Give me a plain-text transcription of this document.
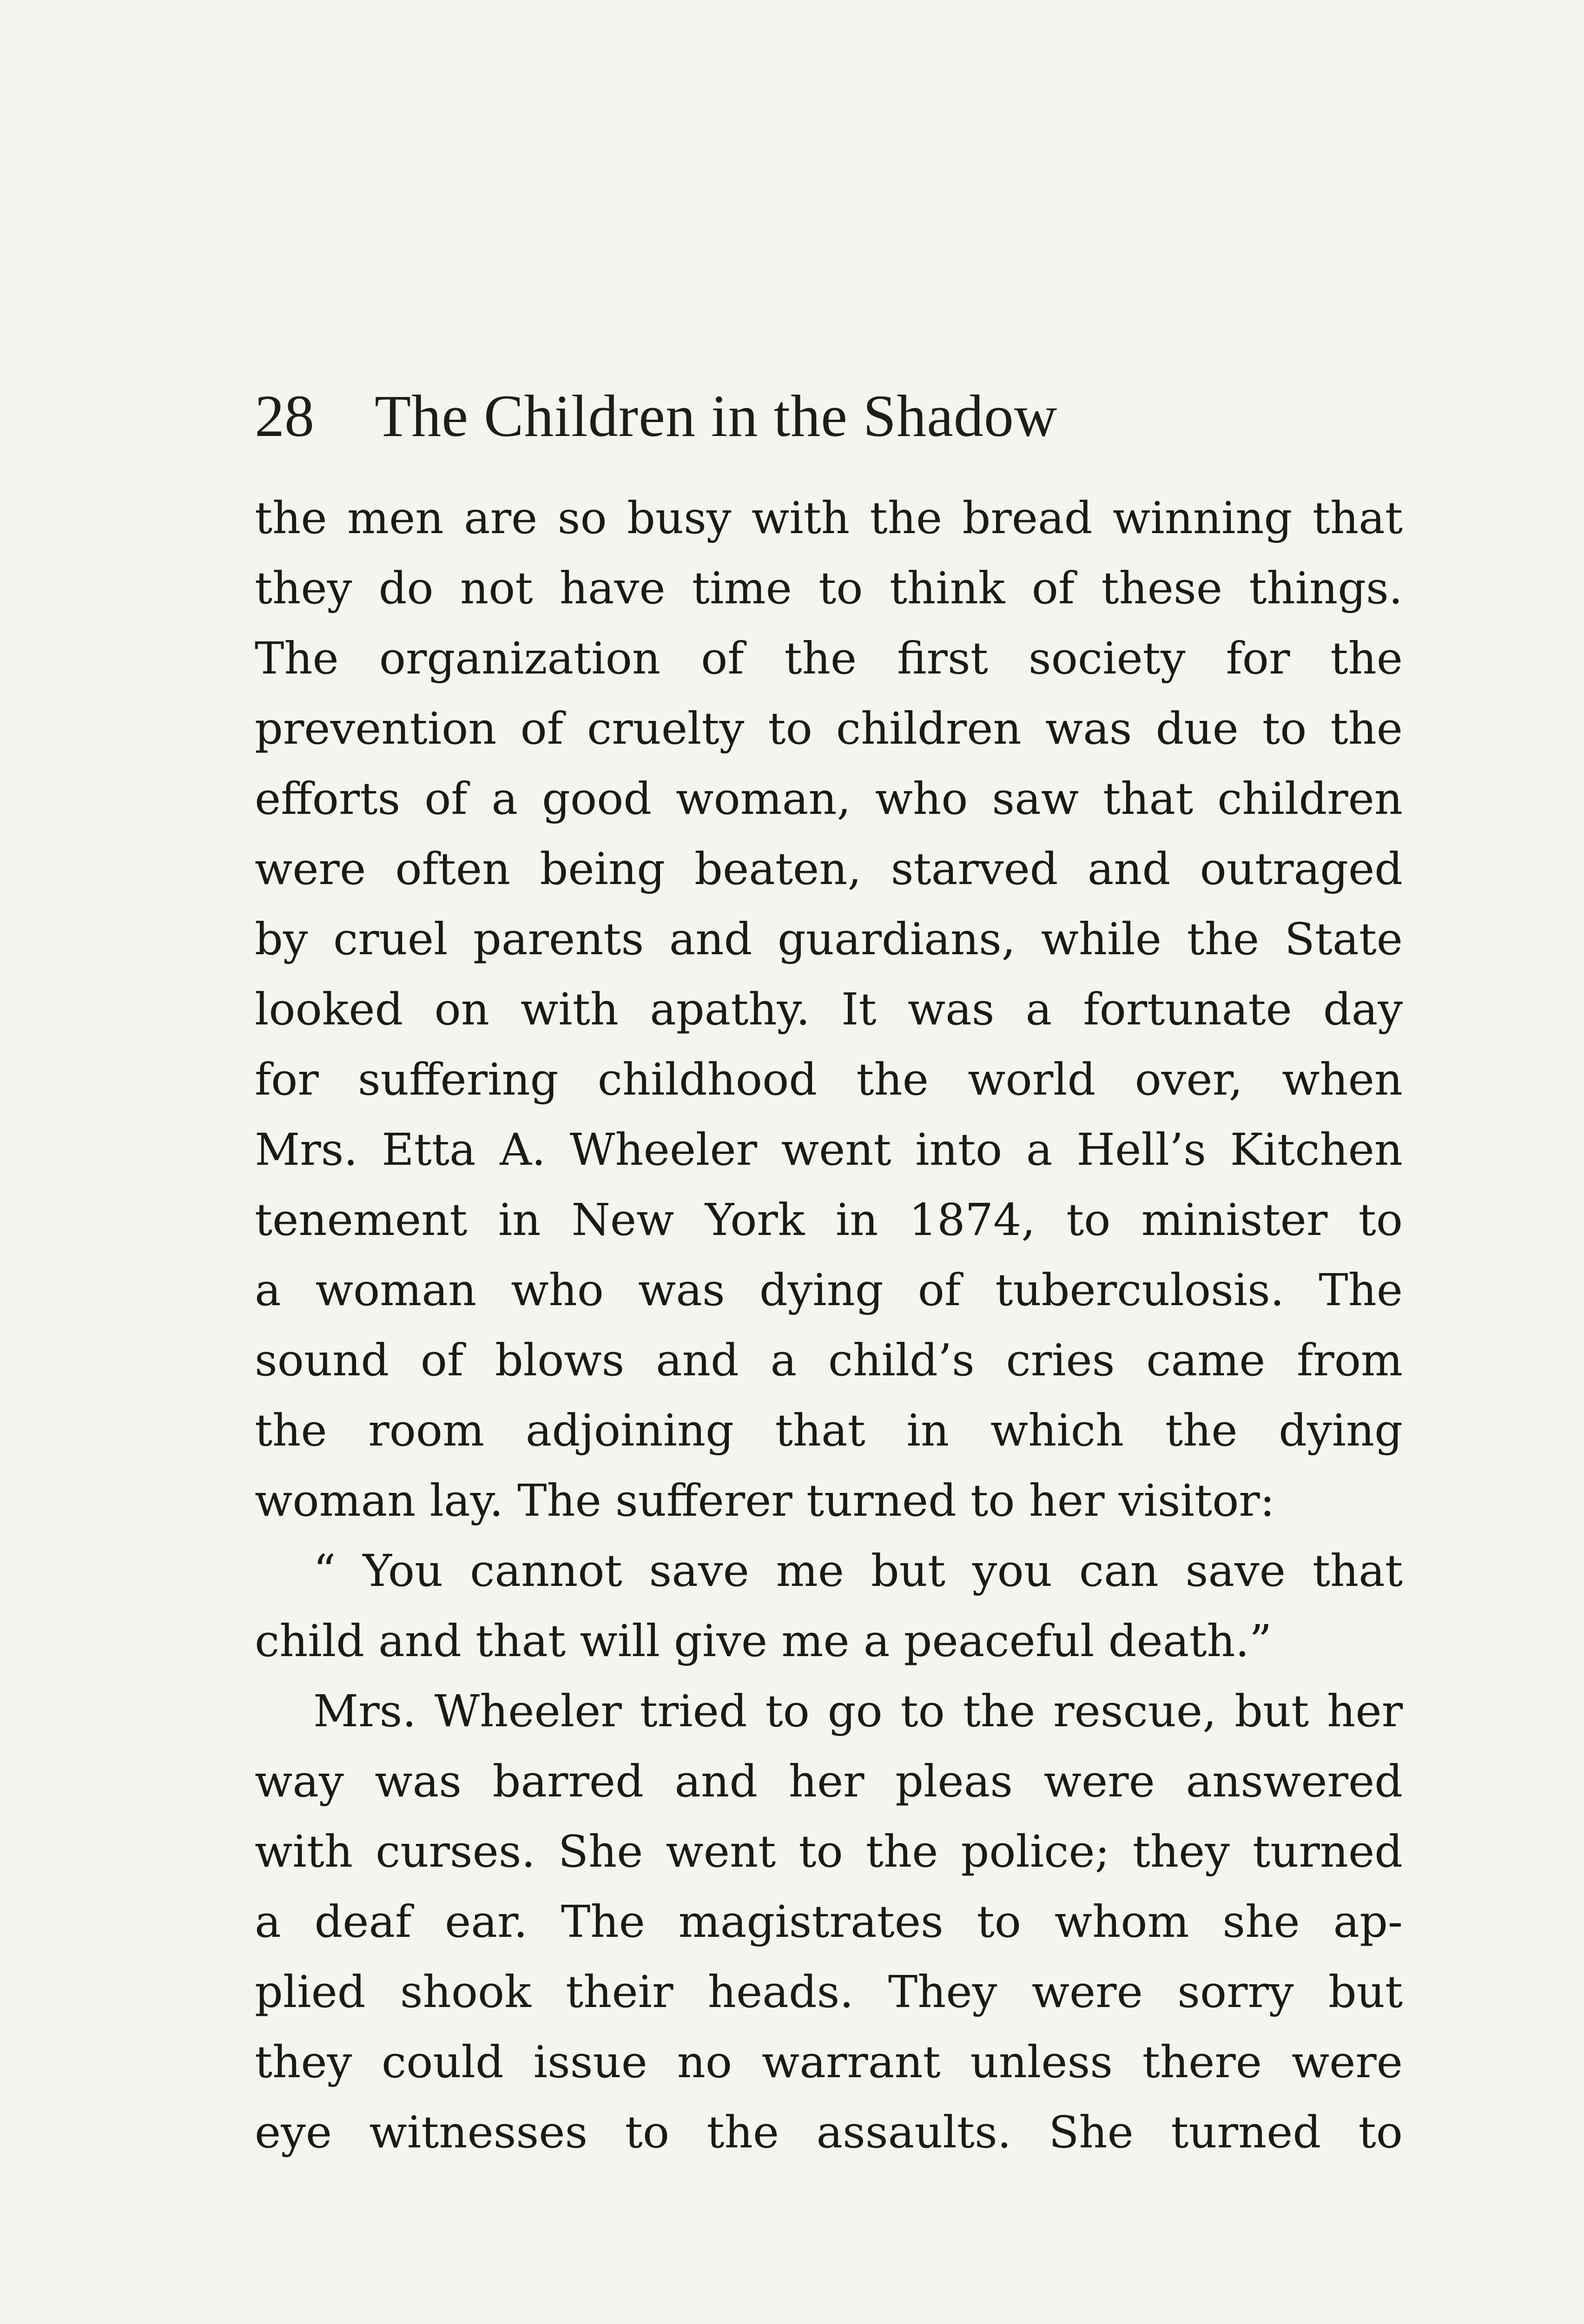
28 The Children in the Shadow
the men are so busy with the bread winning that
they do not have time to think of these things.
The organization of the first society for the
prevention of cruelty to children was due to the
efforts of a good woman, who saw that children
were often being beaten, starved and outraged
by cruel parents and guardians, while the State
looked on with apathy. It was a fortunate day
for suffering childhood the world over, when
Mrs. Etta A. Wheeler went into a Hell’s Kitchen
tenement in New York in 1874, to minister to
a woman who was dying of tuberculosis. The
sound of blows and a child’s cries came from
the room adjoining that in which the dying
woman lay. The sufferer turned to her visitor:
“ You cannot save me but you can save that
child and that will give me a peaceful death.”
Mrs. Wheeler tried to go to the rescue, but her
way was barred and her pleas were answered
with curses. She went to the police; they turned
a deaf ear. The magistrates to whom she ap-
plied shook their heads. They were sorry but
they could issue no warrant unless there were
eye witnesses to the assaults. She turned to
